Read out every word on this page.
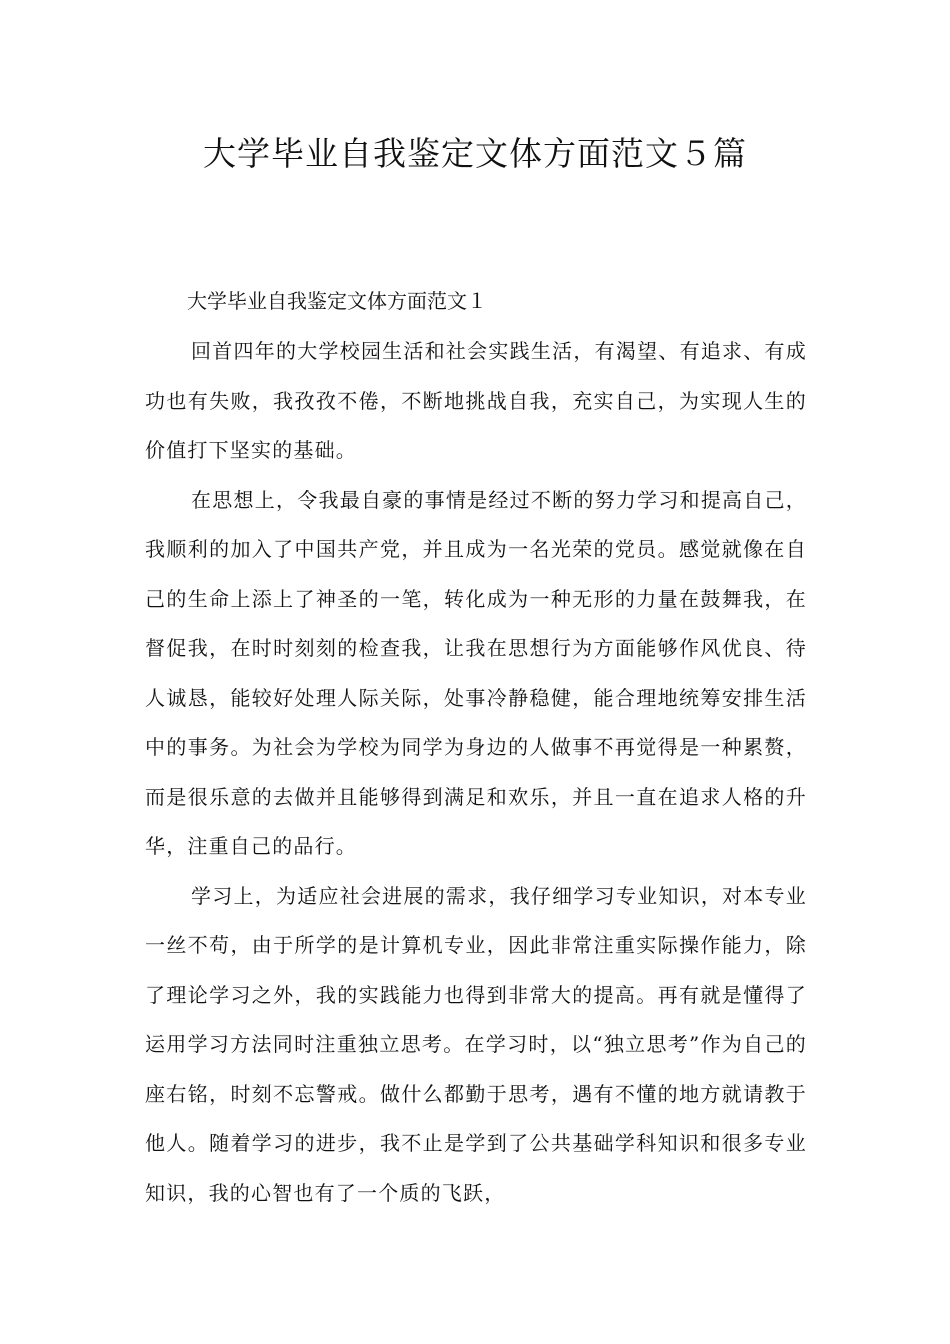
大学毕业自我鉴定文体方面范文５篇

大学毕业自我鉴定文体方面范文１

回首四年的大学校园生活和社会实践生活，有渴望、有追求、有成功也有失败，我孜孜不倦，不断地挑战自我，充实自己，为实现人生的价值打下坚实的基础。

在思想上，令我最自豪的事情是经过不断的努力学习和提高自己，我顺利的加入了中国共产党，并且成为一名光荣的党员。感觉就像在自己的生命上添上了神圣的一笔，转化成为一种无形的力量在鼓舞我，在督促我，在时时刻刻的检查我，让我在思想行为方面能够作风优良、待人诚恳，能较好处理人际关际，处事冷静稳健，能合理地统筹安排生活中的事务。为社会为学校为同学为身边的人做事不再觉得是一种累赘，而是很乐意的去做并且能够得到满足和欢乐，并且一直在追求人格的升华，注重自己的品行。

学习上，为适应社会进展的需求，我仔细学习专业知识，对本专业一丝不苟，由于所学的是计算机专业，因此非常注重实际操作能力，除了理论学习之外，我的实践能力也得到非常大的提高。再有就是懂得了运用学习方法同时注重独立思考。在学习时，以“独立思考”作为自己的座右铭，时刻不忘警戒。做什么都勤于思考，遇有不懂的地方就请教于他人。随着学习的进步，我不止是学到了公共基础学科知识和很多专业知识，我的心智也有了一个质的飞跃，
